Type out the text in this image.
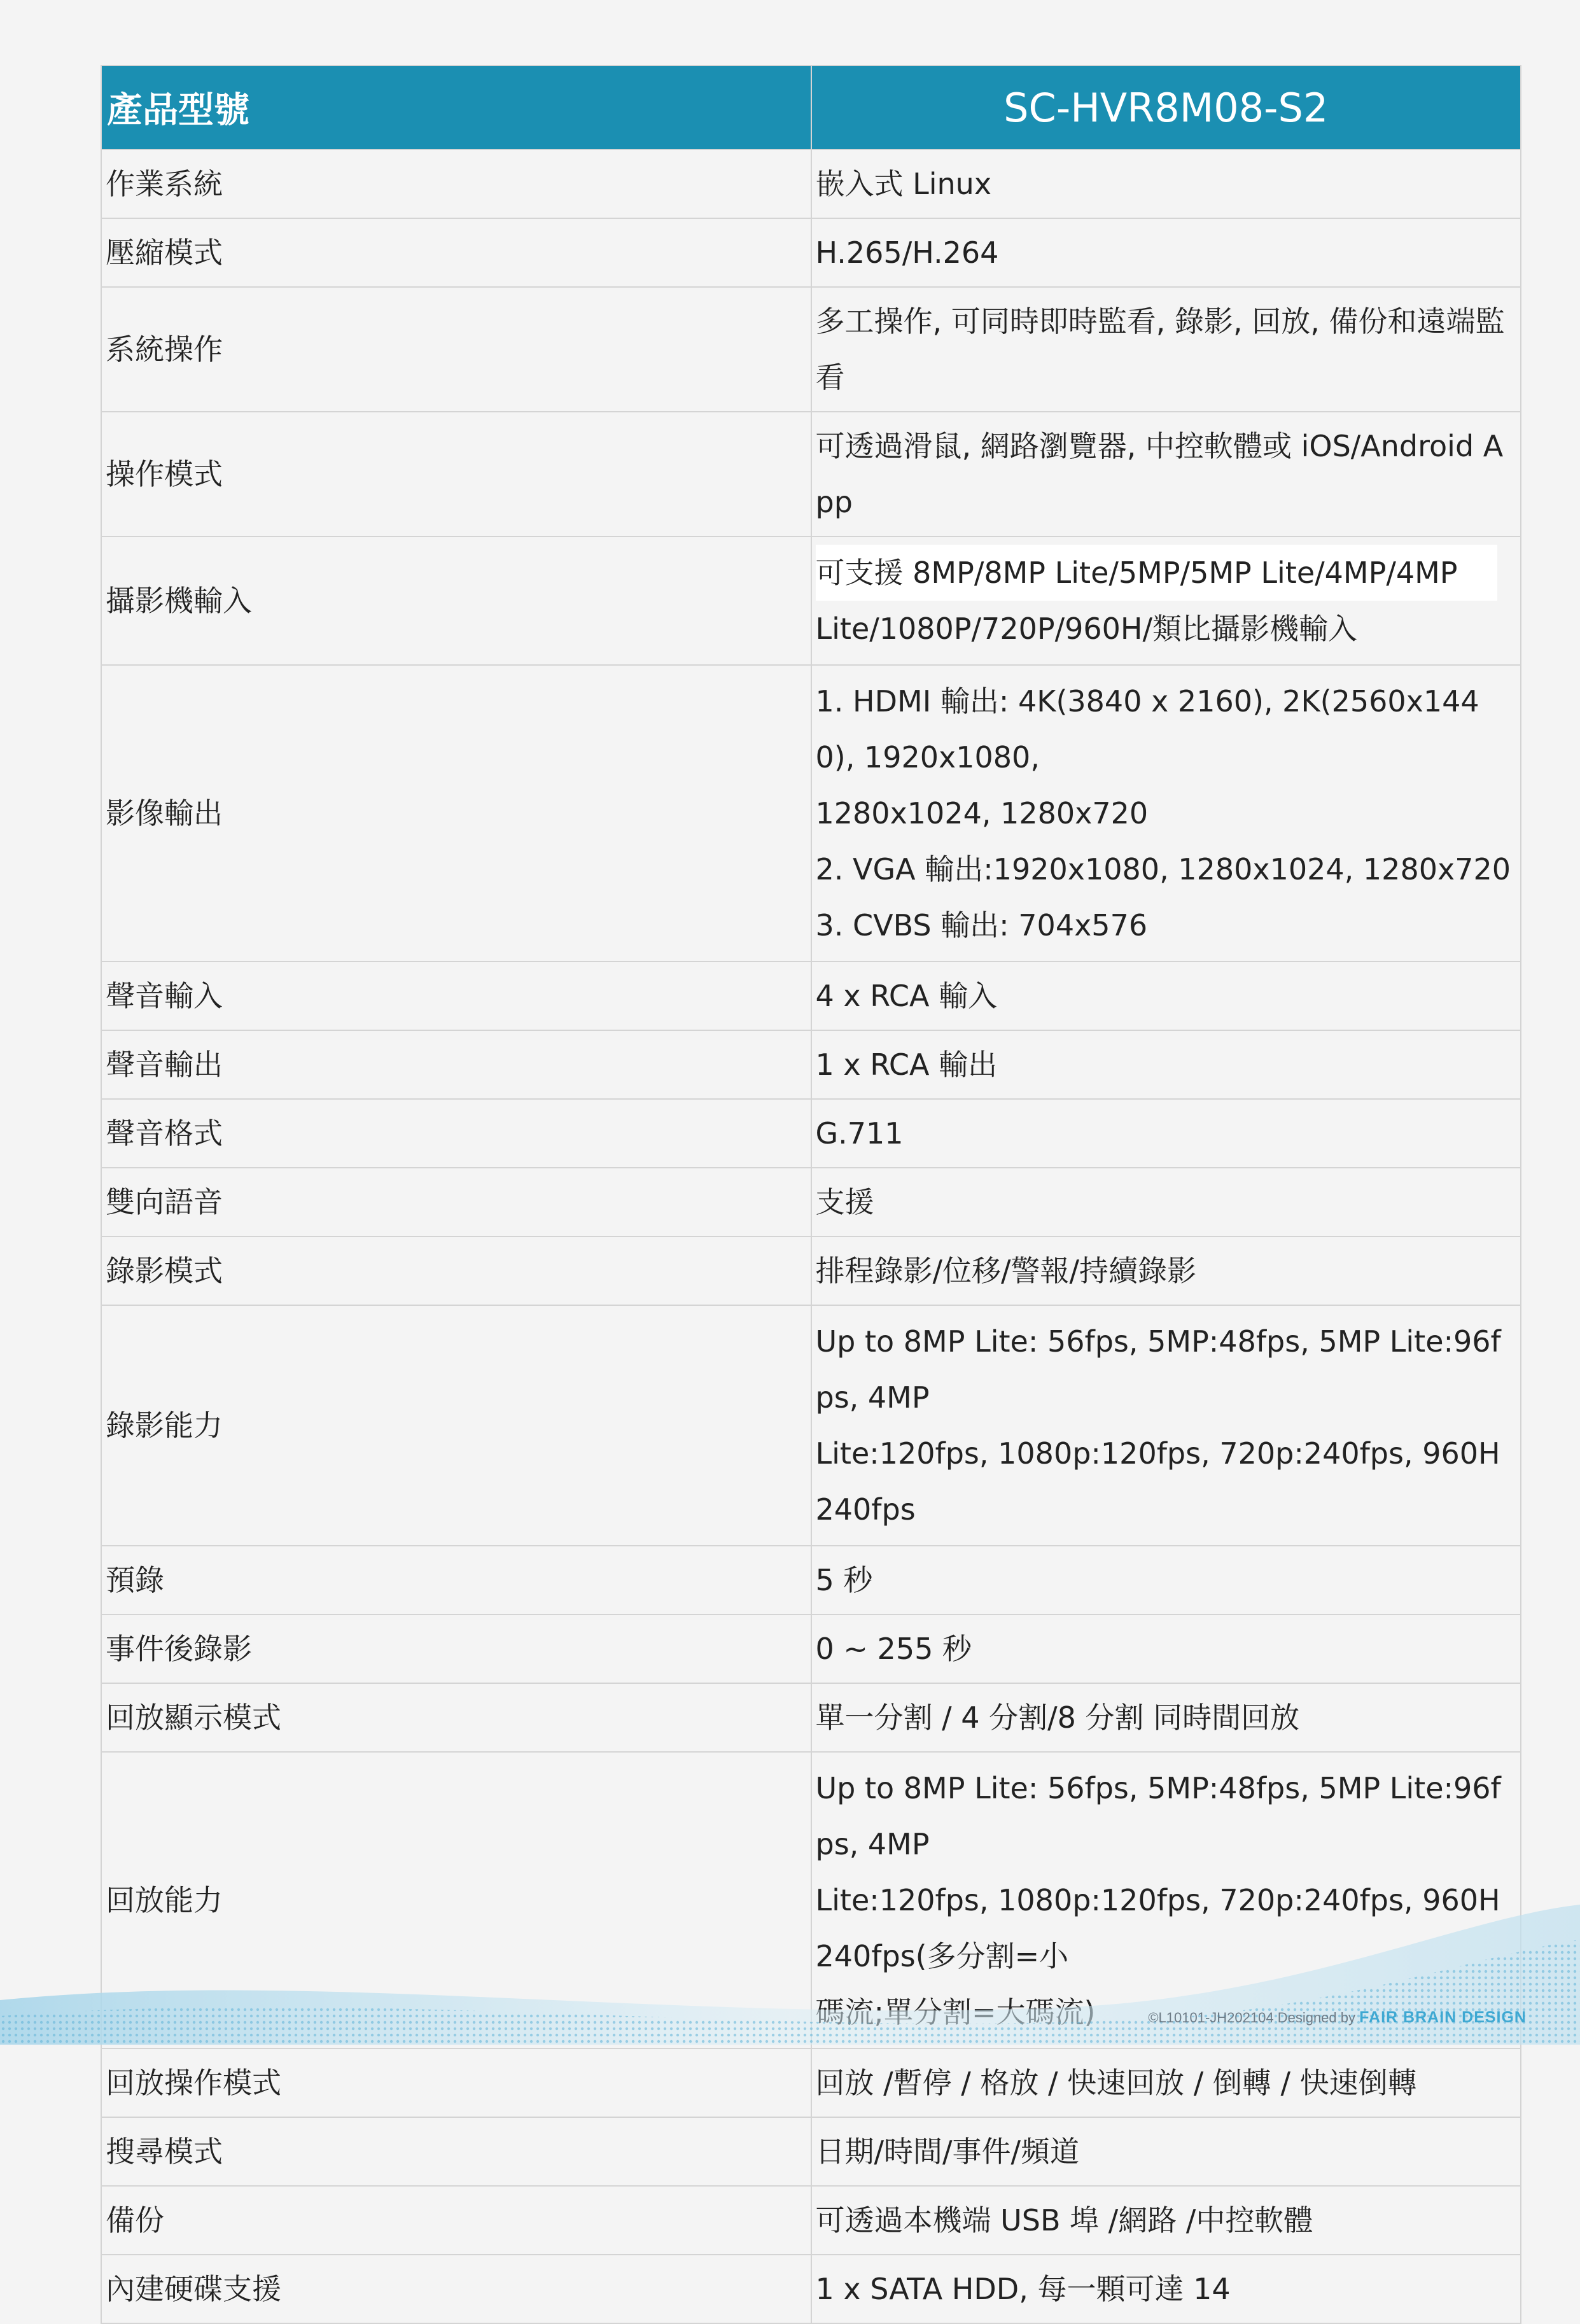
產品型號	SC-HVR8M08-S2
作業系統	嵌入式 Linux

壓縮模式	H.265/H.264

系統操作	多工操作, 可同時即時監看, 錄影, 回放, 備份和遠端監看

操作模式	可透過滑鼠, 網路瀏覽器, 中控軟體或 iOS/Android App

攝影機輸入	可支援 8MP/8MP Lite/5MP/5MP Lite/4MP/4MP
Lite/1080P/720P/960H/類比攝影機輸入

影像輸出	1. HDMI 輸出: 4K(3840 x 2160), 2K(2560x1440), 1920x1080,
1280x1024, 1280x720
2. VGA 輸出:1920x1080, 1280x1024, 1280x720
3. CVBS 輸出: 704x576

聲音輸入	4 x RCA 輸入

聲音輸出	1 x RCA 輸出

聲音格式	G.711

雙向語音	支援

錄影模式	排程錄影/位移/警報/持續錄影

錄影能力	Up to 8MP Lite: 56fps, 5MP:48fps, 5MP Lite:96fps, 4MP
Lite:120fps, 1080p:120fps, 720p:240fps, 960H 240fps

預錄	5 秒

事件後錄影	0 ~ 255 秒

回放顯示模式	單一分割 / 4 分割/8 分割 同時間回放

回放能力	Up to 8MP Lite: 56fps, 5MP:48fps, 5MP Lite:96fps, 4MP
Lite:120fps, 1080p:120fps, 720p:240fps, 960H 240fps(多分割=小

回放操作模式	回放 /暫停 / 格放 / 快速回放 / 倒轉 / 快速倒轉

搜尋模式	日期/時間/事件/頻道

備份	可透過本機端 USB 埠 /網路 /中控軟體

內建硬碟支援	1 x SATA HDD, 每一顆可達 14
©L10101-JH202104 Designed by FAIR BRAIN DESIGN
